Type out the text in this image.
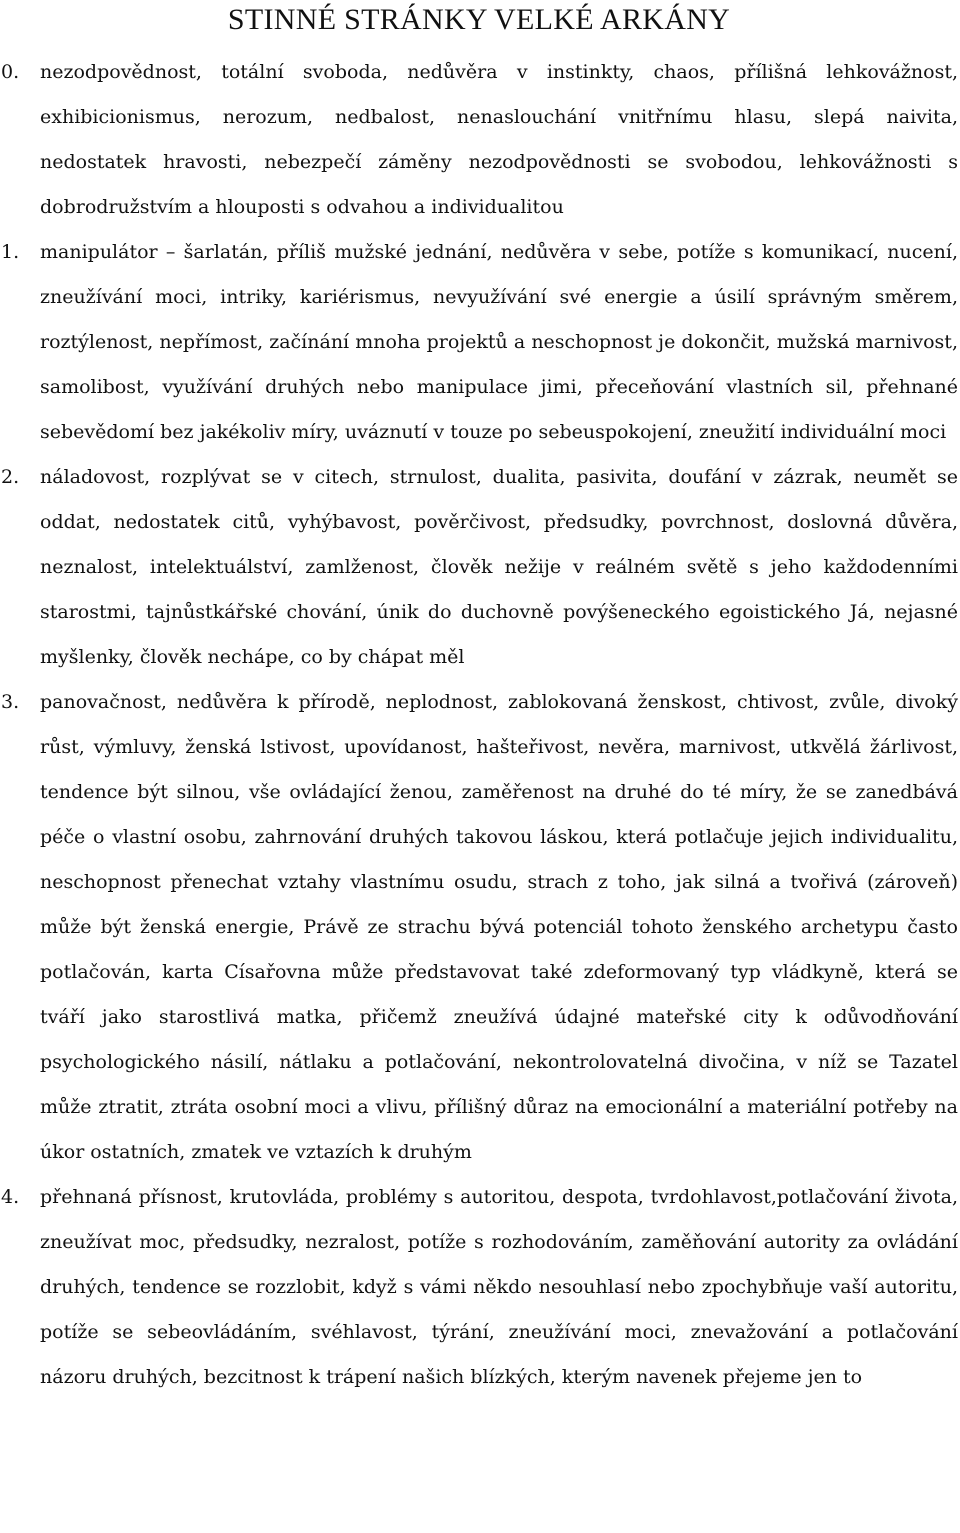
STINNÉ STRÁNKY VELKÉ ARKÁNY
0. nezodpovědnost, totální svoboda, nedůvěra v instinkty, chaos, přílišná lehkovážnost, exhibicionismus, nerozum, nedbalost, nenaslouchání vnitřnímu hlasu, slepá naivita, nedostatek hravosti, nebezpečí záměny nezodpovědnosti se svobodou, lehkovážnosti s dobrodružstvím a hlouposti s odvahou a individualitou
1. manipulátor – šarlatán, příliš mužské jednání, nedůvěra v sebe, potíže s komunikací, nucení, zneužívání moci, intriky, kariérismus, nevyužívání své energie a úsilí správným směrem, roztýlenost, nepřímost, začínání mnoha projektů a neschopnost je dokončit, mužská marnivost, samolibost, využívání druhých nebo manipulace jimi, přeceňování vlastních sil, přehnané sebevědomí bez jakékoliv míry, uváznutí v touze po sebeuspokojení, zneužití individuální moci
2. náladovost, rozplývat se v citech, strnulost, dualita, pasivita, doufání v zázrak, neumět se oddat, nedostatek citů, vyhýbavost, pověrčivost, předsudky, povrchnost, doslovná důvěra, neznalost, intelektuálství, zamlženost, člověk nežije v reálném světě s jeho každodenními starostmi, tajnůstkářské chování, únik do duchovně povýšeneckého egoistického Já, nejasné myšlenky, člověk nechápe, co by chápat měl
3. panovačnost, nedůvěra k přírodě, neplodnost, zablokovaná ženskost, chtivost, zvůle, divoký růst, výmluvy, ženská lstivost, upovídanost, hašteřivost, nevěra, marnivost, utkvělá žárlivost, tendence být silnou, vše ovládající ženou, zaměřenost na druhé do té míry, že se zanedbává péče o vlastní osobu, zahrnování druhých takovou láskou, která potlačuje jejich individualitu, neschopnost přenechat vztahy vlastnímu osudu, strach z toho, jak silná a tvořivá (zároveň) může být ženská energie, Právě ze strachu bývá potenciál tohoto ženského archetypu často potlačován, karta Císařovna může představovat také zdeformovaný typ vládkyně, která se tváří jako starostlivá matka, přičemž zneužívá údajné mateřské city k odůvodňování psychologického násilí, nátlaku a potlačování, nekontrolovatelná divočina, v níž se Tazatel může ztratit, ztráta osobní moci a vlivu, přílišný důraz na emocionální a materiální potřeby na úkor ostatních, zmatek ve vztazích k druhým
4. přehnaná přísnost, krutovláda, problémy s autoritou, despota, tvrdohlavost,potlačování života, zneužívat moc, předsudky, nezralost, potíže s rozhodováním, zaměňování autority za ovládání druhých, tendence se rozzlobit, když s vámi někdo nesouhlasí nebo zpochybňuje vaší autoritu, potíže se sebeovládáním, svéhlavost, týrání, zneužívání moci, znevažování a potlačování názoru druhých, bezcitnost k trápení našich blízkých, kterým navenek přejeme jen to
